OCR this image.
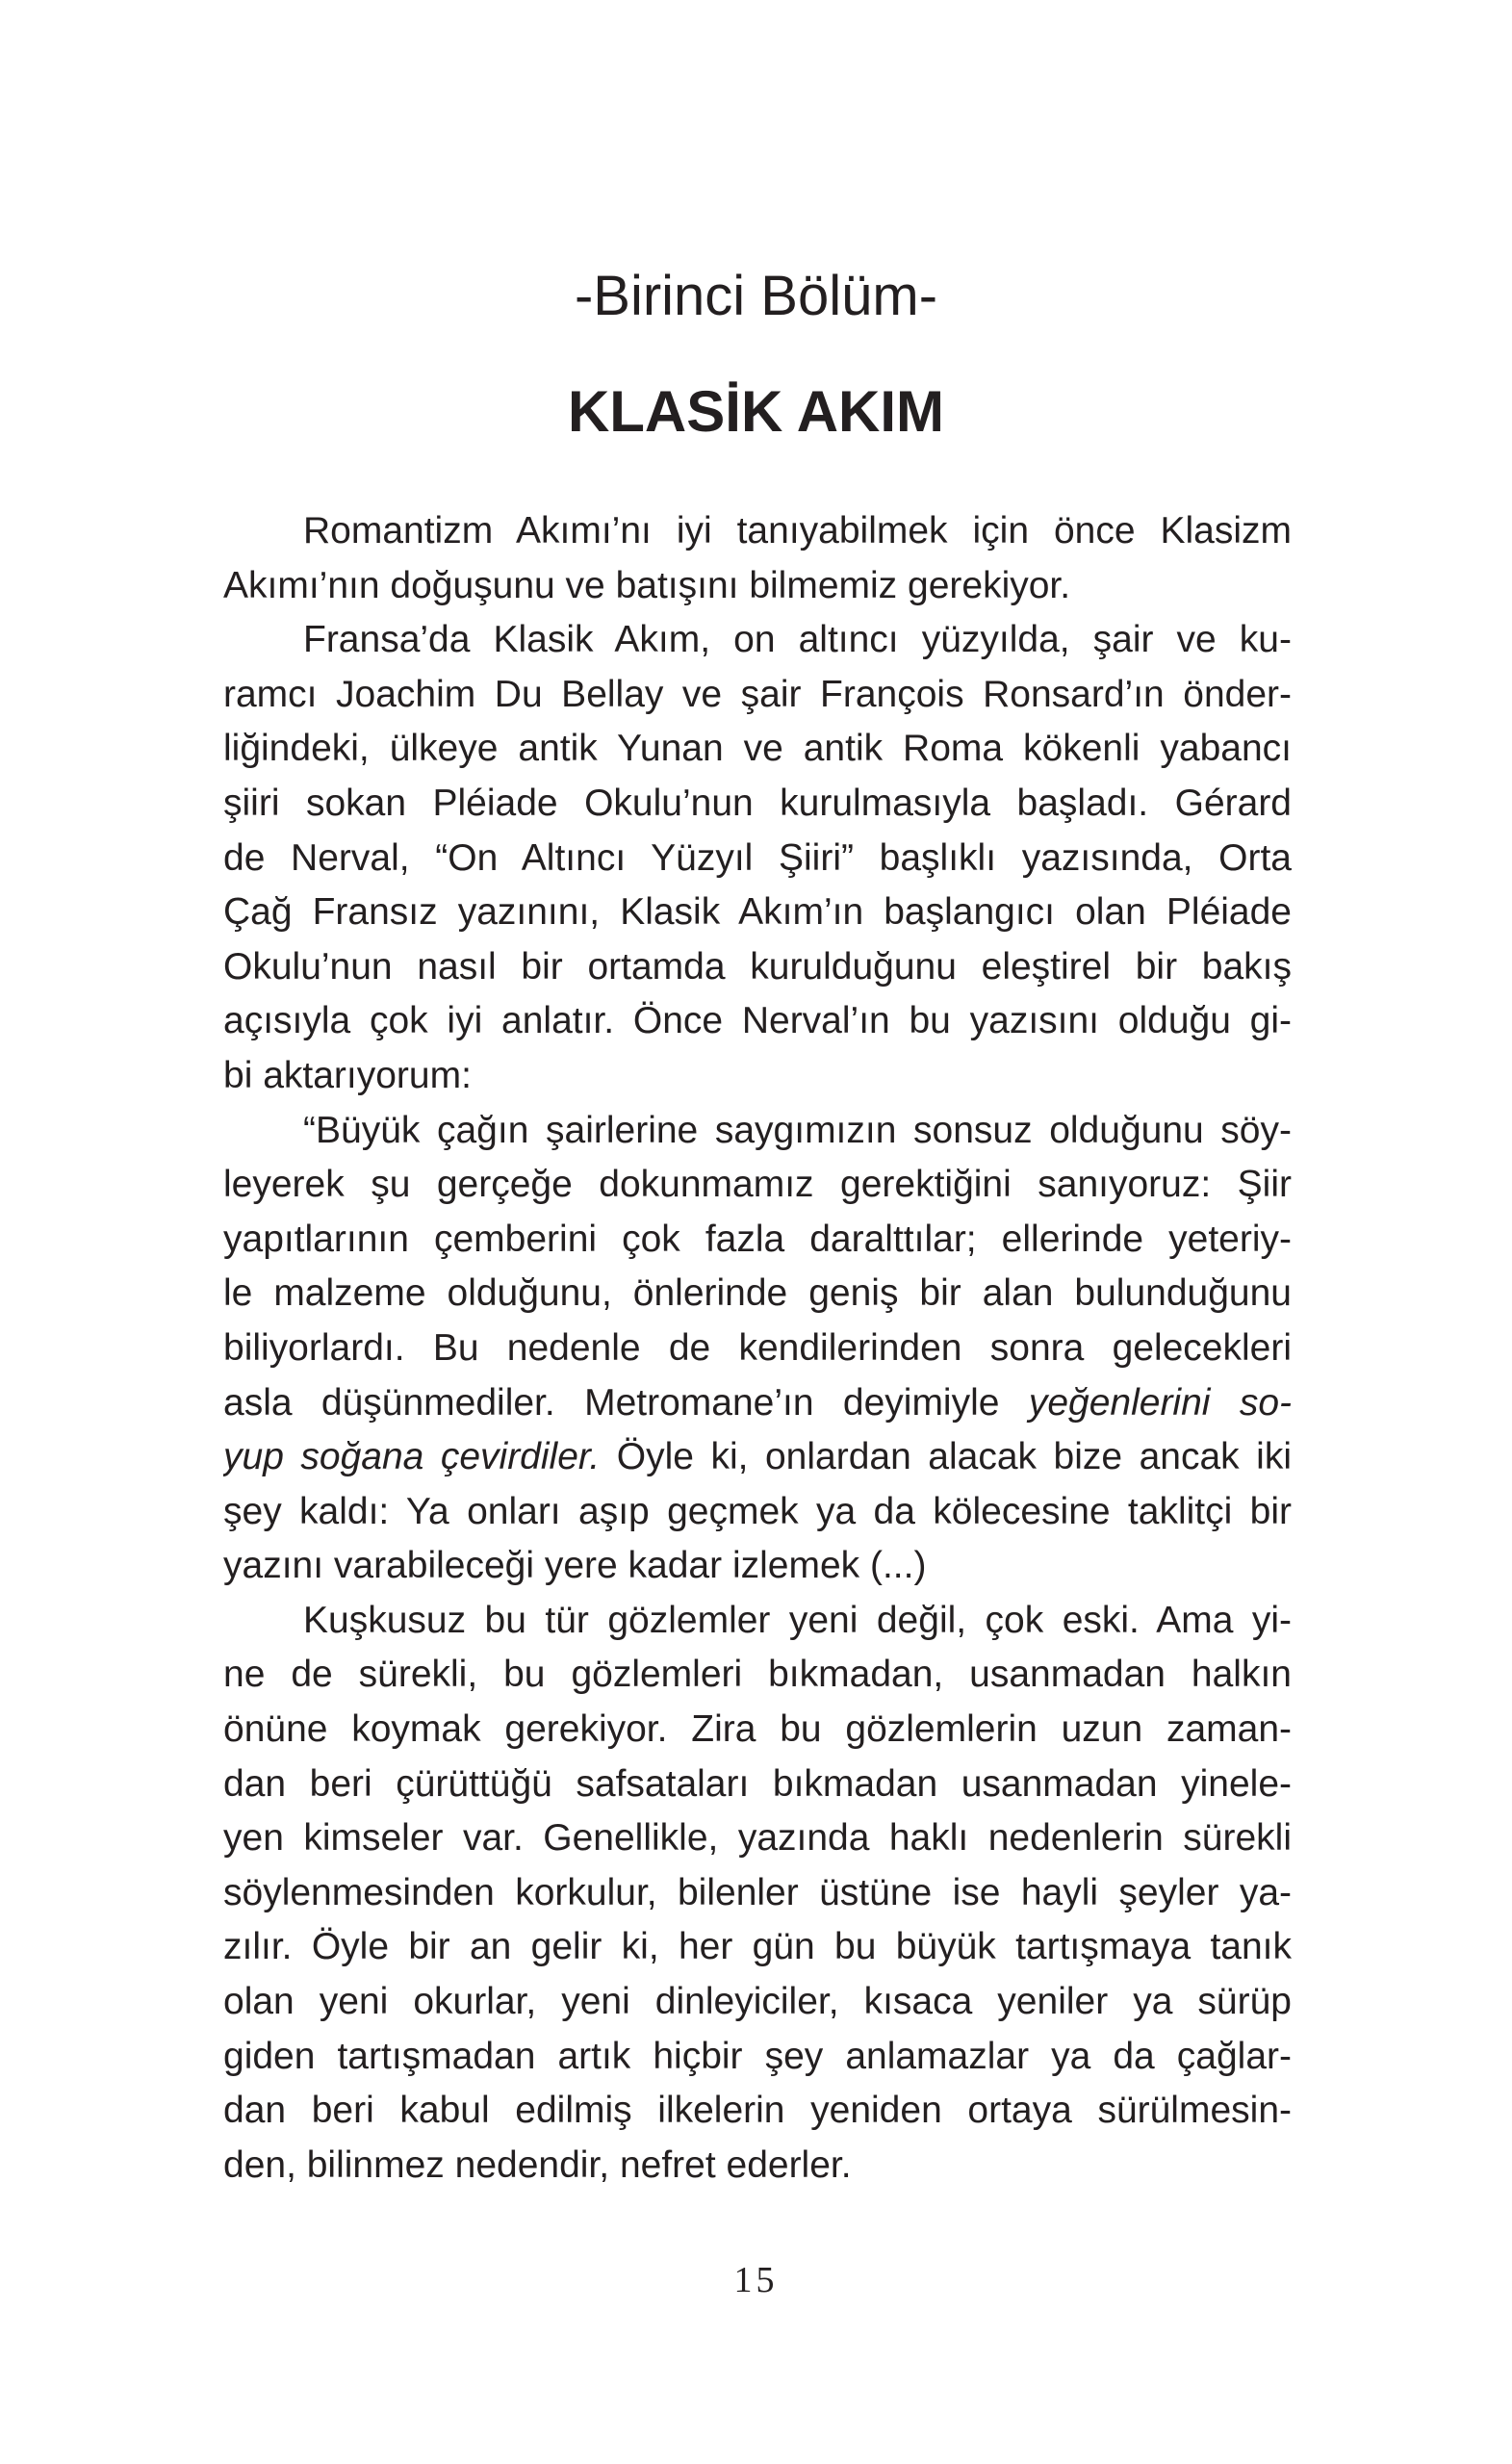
-Birinci Bölüm-
KLASİK AKIM
Romantizm Akımı’nı iyi tanıyabilmek için önce Klasizm
Akımı’nın doğuşunu ve batışını bilmemiz gerekiyor.
Fransa’da Klasik Akım, on altıncı yüzyılda, şair ve ku-
ramcı Joachim Du Bellay ve şair François Ronsard’ın önder-
liğindeki, ülkeye antik Yunan ve antik Roma kökenli yabancı
şiiri sokan Pléiade Okulu’nun kurulmasıyla başladı. Gérard
de Nerval, “On Altıncı Yüzyıl Şiiri” başlıklı yazısında, Orta
Çağ Fransız yazınını, Klasik Akım’ın başlangıcı olan Pléiade
Okulu’nun nasıl bir ortamda kurulduğunu eleştirel bir bakış
açısıyla çok iyi anlatır. Önce Nerval’ın bu yazısını olduğu gi-
bi aktarıyorum:
“Büyük çağın şairlerine saygımızın sonsuz olduğunu söy-
leyerek şu gerçeğe dokunmamız gerektiğini sanıyoruz: Şiir
yapıtlarının çemberini çok fazla daralttılar; ellerinde yeteriy-
le malzeme olduğunu, önlerinde geniş bir alan bulunduğunu
biliyorlardı. Bu nedenle de kendilerinden sonra gelecekleri
asla düşünmediler. Metromane’ın deyimiyle yeğenlerini so-
yup soğana çevirdiler. Öyle ki, onlardan alacak bize ancak iki
şey kaldı: Ya onları aşıp geçmek ya da kölecesine taklitçi bir
yazını varabileceği yere kadar izlemek (...)
Kuşkusuz bu tür gözlemler yeni değil, çok eski. Ama yi-
ne de sürekli, bu gözlemleri bıkmadan, usanmadan halkın
önüne koymak gerekiyor. Zira bu gözlemlerin uzun zaman-
dan beri çürüttüğü safsataları bıkmadan usanmadan yinele-
yen kimseler var. Genellikle, yazında haklı nedenlerin sürekli
söylenmesinden korkulur, bilenler üstüne ise hayli şeyler ya-
zılır. Öyle bir an gelir ki, her gün bu büyük tartışmaya tanık
olan yeni okurlar, yeni dinleyiciler, kısaca yeniler ya sürüp
giden tartışmadan artık hiçbir şey anlamazlar ya da çağlar-
dan beri kabul edilmiş ilkelerin yeniden ortaya sürülmesin-
den, bilinmez nedendir, nefret ederler.
15
